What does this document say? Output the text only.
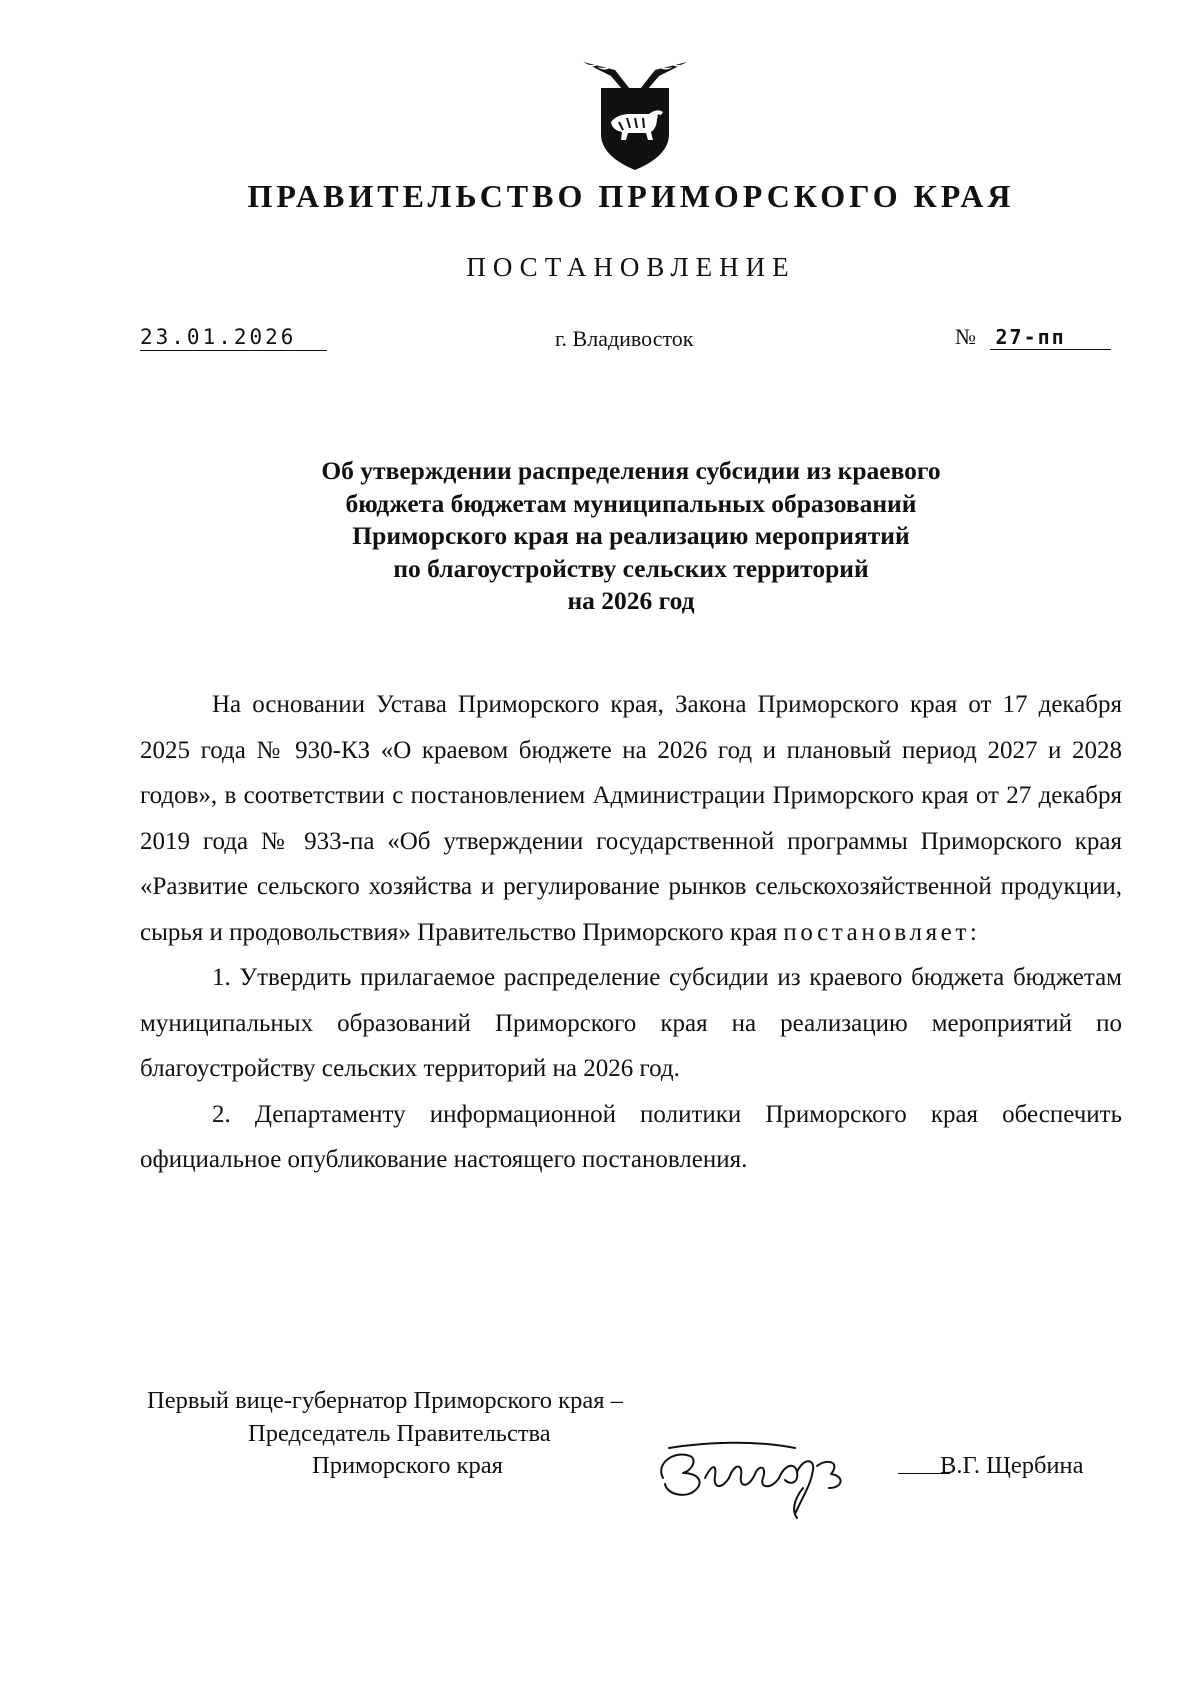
ПРАВИТЕЛЬСТВО ПРИМОРСКОГО КРАЯ
ПОСТАНОВЛЕНИЕ
23.01.2026	г. Владивосток	№ 27-пп
Об утверждении распределения субсидии из краевого
бюджета бюджетам муниципальных образований
Приморского края на реализацию мероприятий
по благоустройству сельских территорий
на 2026 год

На основании Устава Приморского края, Закона Приморского края от 17 декабря 2025 года № 930-КЗ «О краевом бюджете на 2026 год и плановый период 2027 и 2028 годов», в соответствии с постановлением Администрации Приморского края от 27 декабря 2019 года № 933-па «Об утверждении государственной программы Приморского края «Развитие сельского хозяйства и регулирование рынков сельскохозяйственной продукции, сырья и продовольствия» Правительство Приморского края постановляет:

1. Утвердить прилагаемое распределение субсидии из краевого бюджета бюджетам муниципальных образований Приморского края на реализацию мероприятий по благоустройству сельских территорий на 2026 год.

2. Департаменту информационной политики Приморского края обеспечить официальное опубликование настоящего постановления.

Первый вице-губернатор Приморского края –
Председатель Правительства
Приморского края	В.Г. Щербина
